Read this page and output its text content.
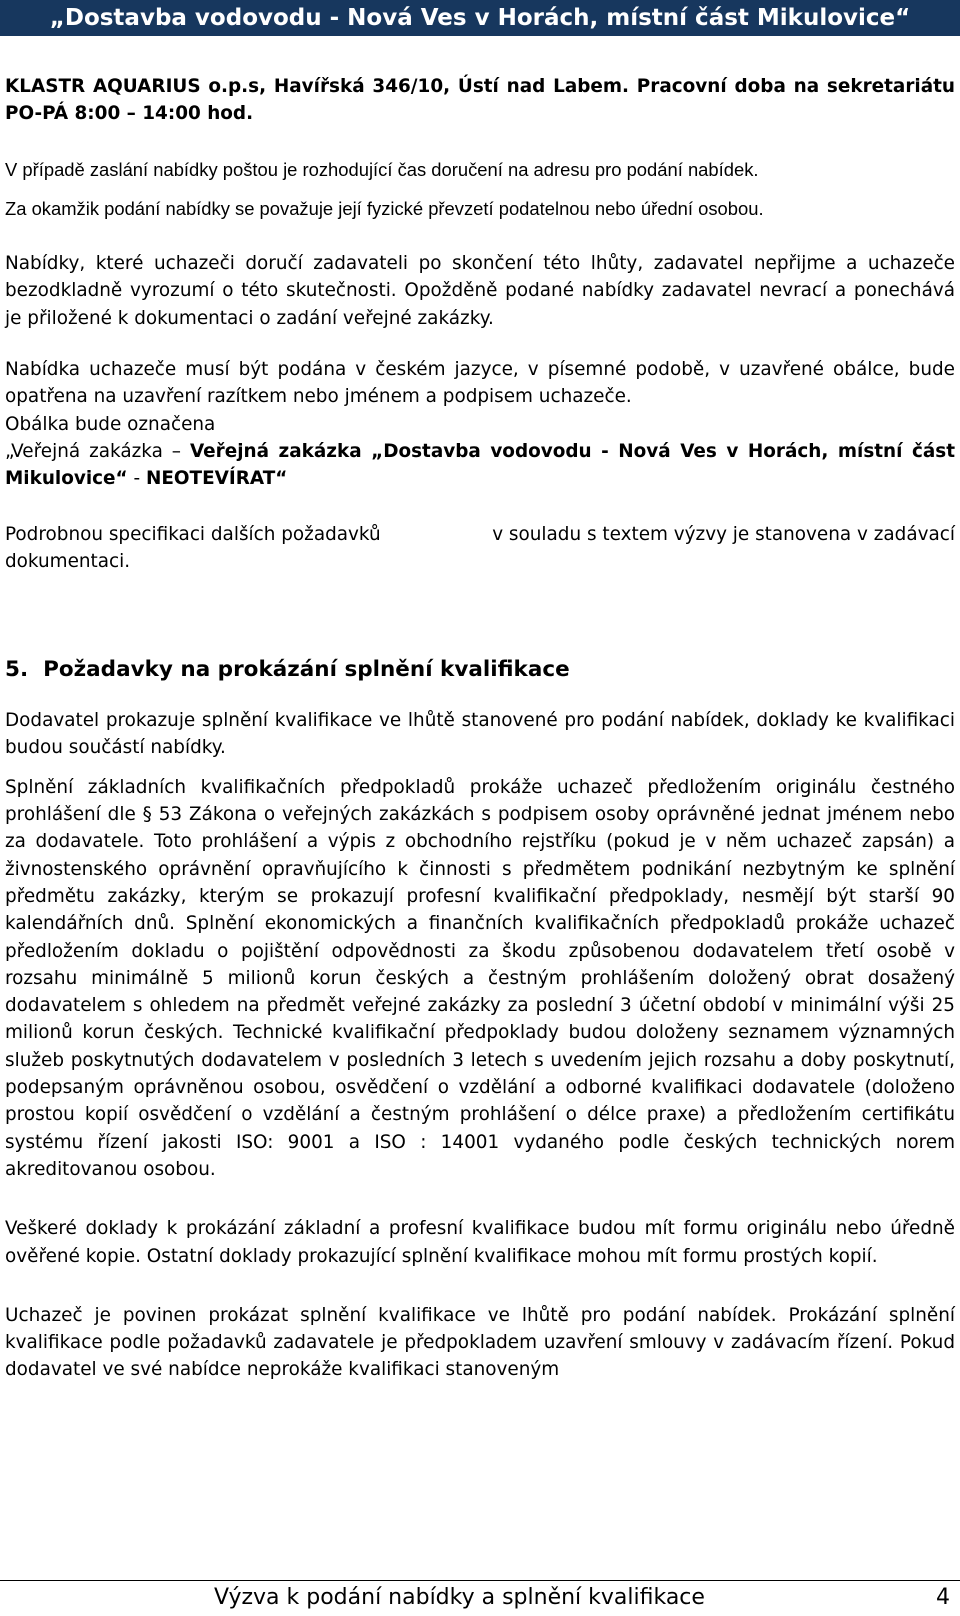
„Dostavba vodovodu - Nová Ves v Horách, místní část Mikulovice“

KLASTR AQUARIUS o.p.s, Havířská 346/10, Ústí nad Labem. Pracovní doba na sekretariátu PO-PÁ 8:00 – 14:00 hod.

V případě zaslání nabídky poštou je rozhodující čas doručení na adresu pro podání nabídek.

Za okamžik podání nabídky se považuje její fyzické převzetí podatelnou nebo úřední osobou.

Nabídky, které uchazeči doručí zadavateli po skončení této lhůty, zadavatel nepřijme a uchazeče bezodkladně vyrozumí o této skutečnosti. Opožděně podané nabídky zadavatel nevrací a ponechává je přiložené k dokumentaci o zadání veřejné zakázky.

Nabídka uchazeče musí být podána v českém jazyce, v písemné podobě, v uzavřené obálce, bude opatřena na uzavření razítkem nebo jménem a podpisem uchazeče.

Obálka bude označena

„Veřejná zakázka – Veřejná zakázka „Dostavba vodovodu - Nová Ves v Horách, místní část Mikulovice“ - NEOTEVÍRAT“

Podrobnou specifikaci dalších požadavků	v souladu s textem výzvy je stanovena v zadávací

dokumentaci.

5. Požadavky na prokázání splnění kvalifikace

Dodavatel prokazuje splnění kvalifikace ve lhůtě stanovené pro podání nabídek, doklady ke kvalifikaci budou součástí nabídky.

Splnění základních kvalifikačních předpokladů prokáže uchazeč předložením originálu čestného prohlášení dle § 53 Zákona o veřejných zakázkách s podpisem osoby oprávněné jednat jménem nebo za dodavatele. Toto prohlášení a výpis z obchodního rejstříku (pokud je v něm uchazeč zapsán) a živnostenského oprávnění opravňujícího k činnosti s předmětem podnikání nezbytným ke splnění předmětu zakázky, kterým se prokazují profesní kvalifikační předpoklady, nesmějí být starší 90 kalendářních dnů. Splnění ekonomických a finančních kvalifikačních předpokladů prokáže uchazeč předložením dokladu o pojištění odpovědnosti za škodu způsobenou dodavatelem třetí osobě v rozsahu minimálně 5 milionů korun českých a čestným prohlášením doložený obrat dosažený dodavatelem s ohledem na předmět veřejné zakázky za poslední 3 účetní období v minimální výši 25 milionů korun českých. Technické kvalifikační předpoklady budou doloženy seznamem významných služeb poskytnutých dodavatelem v posledních 3 letech s uvedením jejich rozsahu a doby poskytnutí, podepsaným oprávněnou osobou, osvědčení o vzdělání a odborné kvalifikaci dodavatele (doloženo prostou kopií osvědčení o vzdělání a čestným prohlášení o délce praxe) a předložením certifikátu systému řízení jakosti ISO: 9001 a ISO : 14001 vydaného podle českých technických norem akreditovanou osobou.

Veškeré doklady k prokázání základní a profesní kvalifikace budou mít formu originálu nebo úředně ověřené kopie. Ostatní doklady prokazující splnění kvalifikace mohou mít formu prostých kopií.

Uchazeč je povinen prokázat splnění kvalifikace ve lhůtě pro podání nabídek. Prokázání splnění kvalifikace podle požadavků zadavatele je předpokladem uzavření smlouvy v zadávacím řízení. Pokud dodavatel ve své nabídce neprokáže kvalifikaci stanoveným

Výzva k podání nabídky a splnění kvalifikace	4
